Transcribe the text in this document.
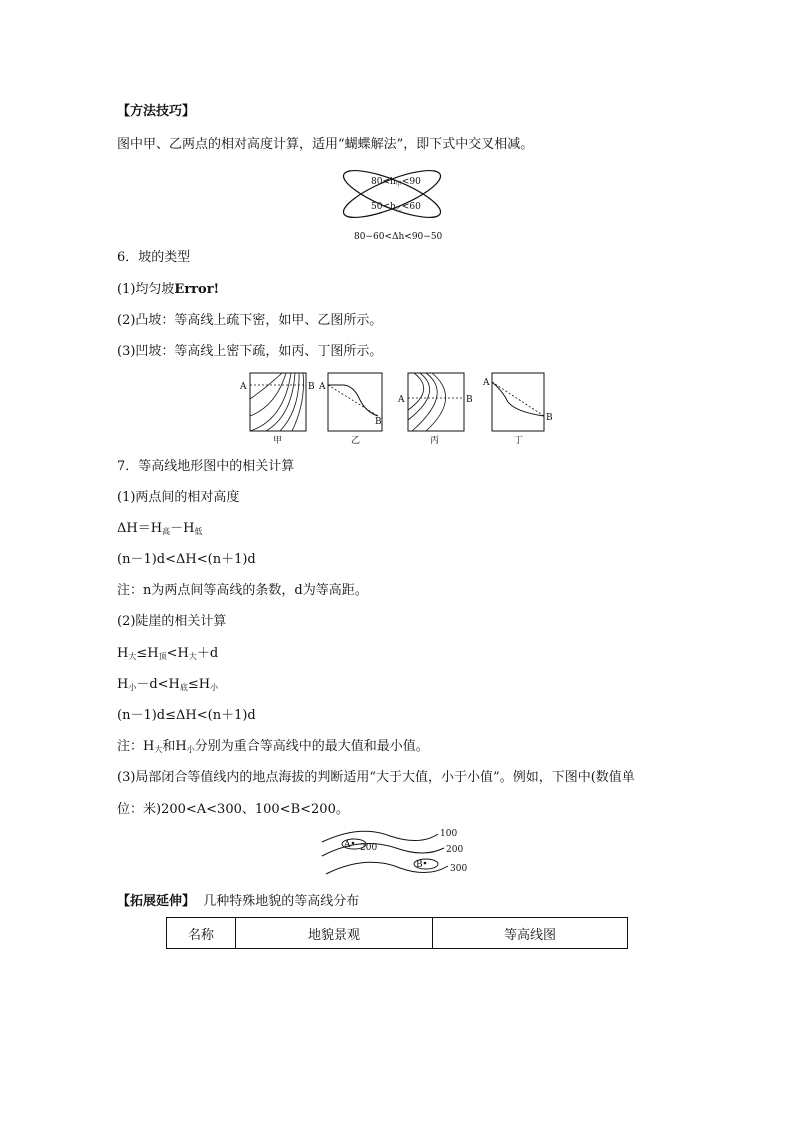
【方法技巧】
图中甲、乙两点的相对高度计算，适用“蝴蝶解法”，即下式中交叉相减。
$80<h_甲<90$
$50<h_乙<60$
80−60<Δh<90−50
6．坡的类型
(1)均匀坡Error!
(2)凸坡：等高线上疏下密，如甲、乙图所示。
(3)凹坡：等高线上密下疏，如丙、丁图所示。
A	B
甲
A
B
乙
A	B
丙
A
B
丁
7．等高线地形图中的相关计算
(1)两点间的相对高度
$\Delta H=H_高-H_低$
(n－1)d<ΔH<(n＋1)d
注：n为两点间等高线的条数，d为等高距。
(2)陡崖的相关计算
$H_大\le H_顶<H_大+d$
$H_小-d<H_底\le H_小$
(n－1)d≤ΔH<(n＋1)d
注：$H_大$和$H_小$分别为重合等高线中的最大值和最小值。
(3)局部闭合等值线内的地点海拔的判断适用“大于大值，小于小值”。例如，下图中(数值单
位：米)200<A<300、100<B<200。
A
B
100
200	200
300
【拓展延伸】 几种特殊地貌的等高线分布
名称	地貌景观	等高线图
